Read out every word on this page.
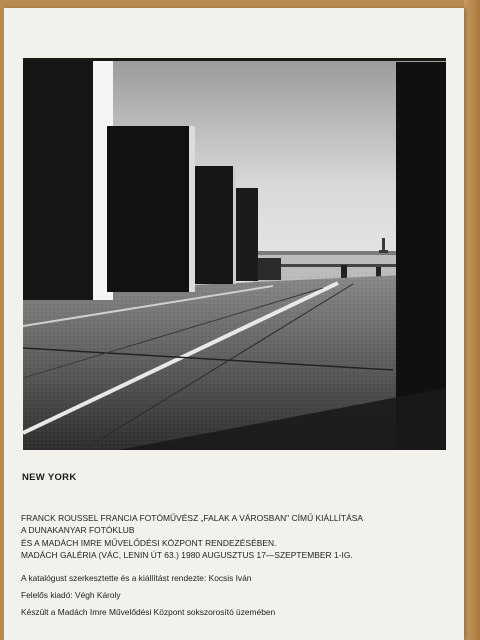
NEW YORK
FRANCK ROUSSEL FRANCIA FOTÓMŰVÉSZ „FALAK A VÁROSBAN" CÍMŰ KIÁLLÍTÁSA
A DUNAKANYAR FOTÓKLUB
ÉS A MADÁCH IMRE MŰVELŐDÉSI KÖZPONT RENDEZÉSÉBEN.
MADÁCH GALÉRIA (VÁC, LENIN ÚT 63.) 1980 AUGUSZTUS 17—SZEPTEMBER 1-IG.
A katalógust szerkesztette és a kiállítást rendezte: Kocsis Iván
Felelős kiadó: Végh Károly
Készült a Madách Imre Művelődési Központ sokszorosító üzemében
